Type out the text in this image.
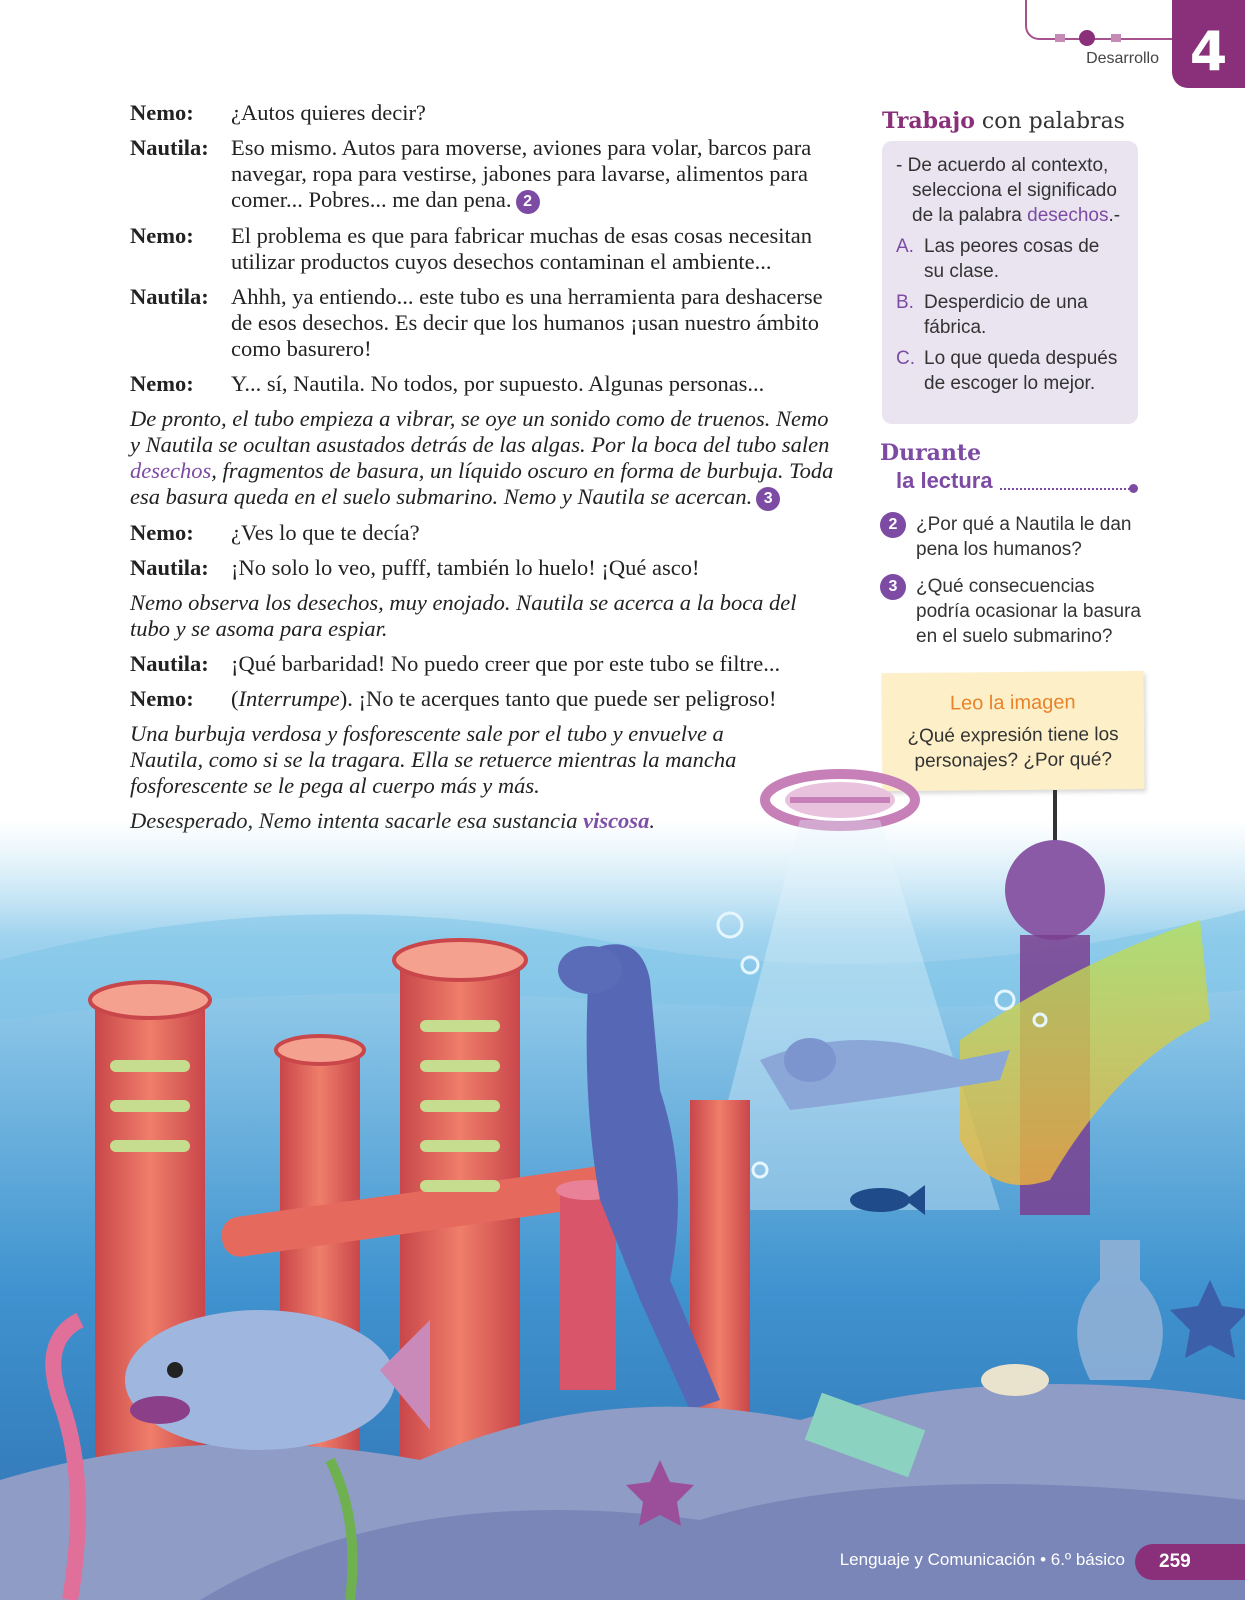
4
Desarrollo
Nemo:	¿Autos quieres decir?
Nautila: Eso mismo. Autos para moverse, aviones para volar, barcos para navegar, ropa para vestirse, jabones para lavarse, alimentos para comer... Pobres... me dan pena. 2
Nemo:	El problema es que para fabricar muchas de esas cosas necesitan utilizar productos cuyos desechos contaminan el ambiente...
Nautila: Ahhh, ya entiendo... este tubo es una herramienta para deshacerse de esos desechos. Es decir que los humanos ¡usan nuestro ámbito como basurero!
Nemo:	Y... sí, Nautila. No todos, por supuesto. Algunas personas...
De pronto, el tubo empieza a vibrar, se oye un sonido como de truenos. Nemo y Nautila se ocultan asustados detrás de las algas. Por la boca del tubo salen desechos, fragmentos de basura, un líquido oscuro en forma de burbuja. Toda esa basura queda en el suelo submarino. Nemo y Nautila se acercan. 3
Nemo:	¿Ves lo que te decía?
Nautila: ¡No solo lo veo, pufff, también lo huelo! ¡Qué asco!
Nemo observa los desechos, muy enojado. Nautila se acerca a la boca del tubo y se asoma para espiar.
Nautila: ¡Qué barbaridad! No puedo creer que por este tubo se filtre...
Nemo:	(Interrumpe). ¡No te acerques tanto que puede ser peligroso!
Una burbuja verdosa y fosforescente sale por el tubo y envuelve a Nautila, como si se la tragara. Ella se retuerce mientras la mancha fosforescente se le pega al cuerpo más y más.
Trabajo con palabras
- De acuerdo al contexto, selecciona el significado de la palabra desechos.-
A. Las peores cosas de su clase.
B. Desperdicio de una fábrica.
C. Lo que queda después de escoger lo mejor.
Durante
la lectura
2 ¿Por qué a Nautila le dan pena los humanos?
3 ¿Qué consecuencias podría ocasionar la basura en el suelo submarino?
Leo la imagen
¿Qué expresión tiene los personajes? ¿Por qué?
Lenguaje y Comunicación • 6.º básico	259
